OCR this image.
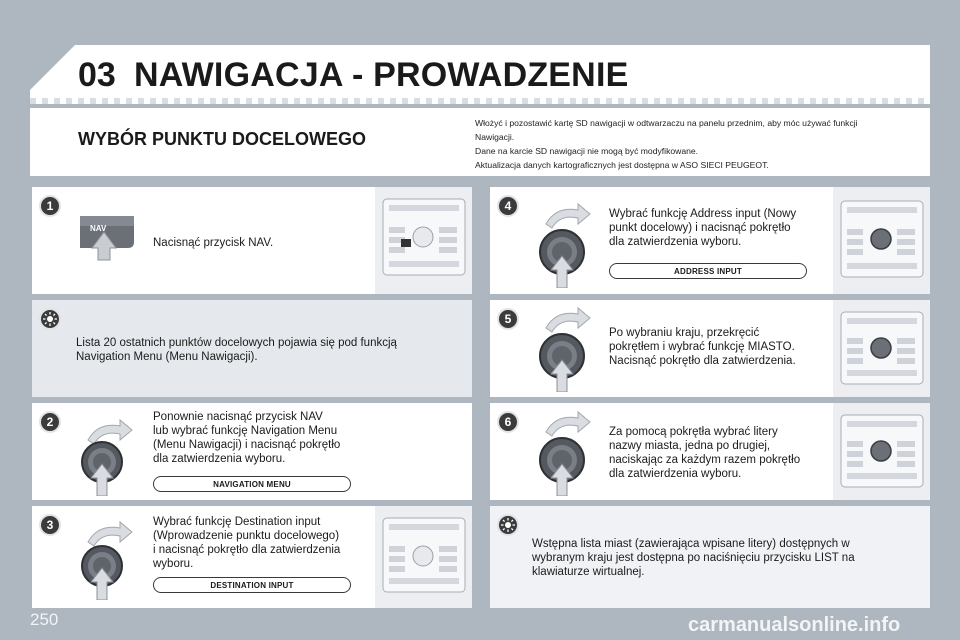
03 NAWIGACJA - PROWADZENIE
WYBÓR PUNKTU DOCELOWEGO
Włożyć i pozostawić kartę SD nawigacji w odtwarzaczu na panelu przednim, aby móc używać funkcji
Nawigacji.
Dane na karcie SD nawigacji nie mogą być modyfikowane.
Aktualizacja danych kartograficznych jest dostępna w ASO SIECI PEUGEOT.
1
NAV
Nacisnąć przycisk NAV.
Lista 20 ostatnich punktów docelowych pojawia się pod funkcją
Navigation Menu (Menu Nawigacji).
2	Ponownie nacisnąć przycisk NAV
lub wybrać funkcję Navigation Menu
(Menu Nawigacji) i nacisnąć pokrętło
dla zatwierdzenia wyboru.
NAVIGATION MENU
3	Wybrać funkcję Destination input
(Wprowadzenie punktu docelowego)
i nacisnąć pokrętło dla zatwierdzenia
wyboru.
DESTINATION INPUT
4
Wybrać funkcję Address input (Nowy
punkt docelowy) i nacisnąć pokrętło
dla zatwierdzenia wyboru.
ADDRESS INPUT
5
Po wybraniu kraju, przekręcić
pokrętłem i wybrać funkcję MIASTO.
Nacisnąć pokrętło dla zatwierdzenia.
6
Za pomocą pokrętła wybrać litery
nazwy miasta, jedna po drugiej,
naciskając za każdym razem pokrętło
dla zatwierdzenia wyboru.
Wstępna lista miast (zawierająca wpisane litery) dostępnych w
wybranym kraju jest dostępna po naciśnięciu przycisku LIST na
klawiaturze wirtualnej.
250	carmanualsonline.info
